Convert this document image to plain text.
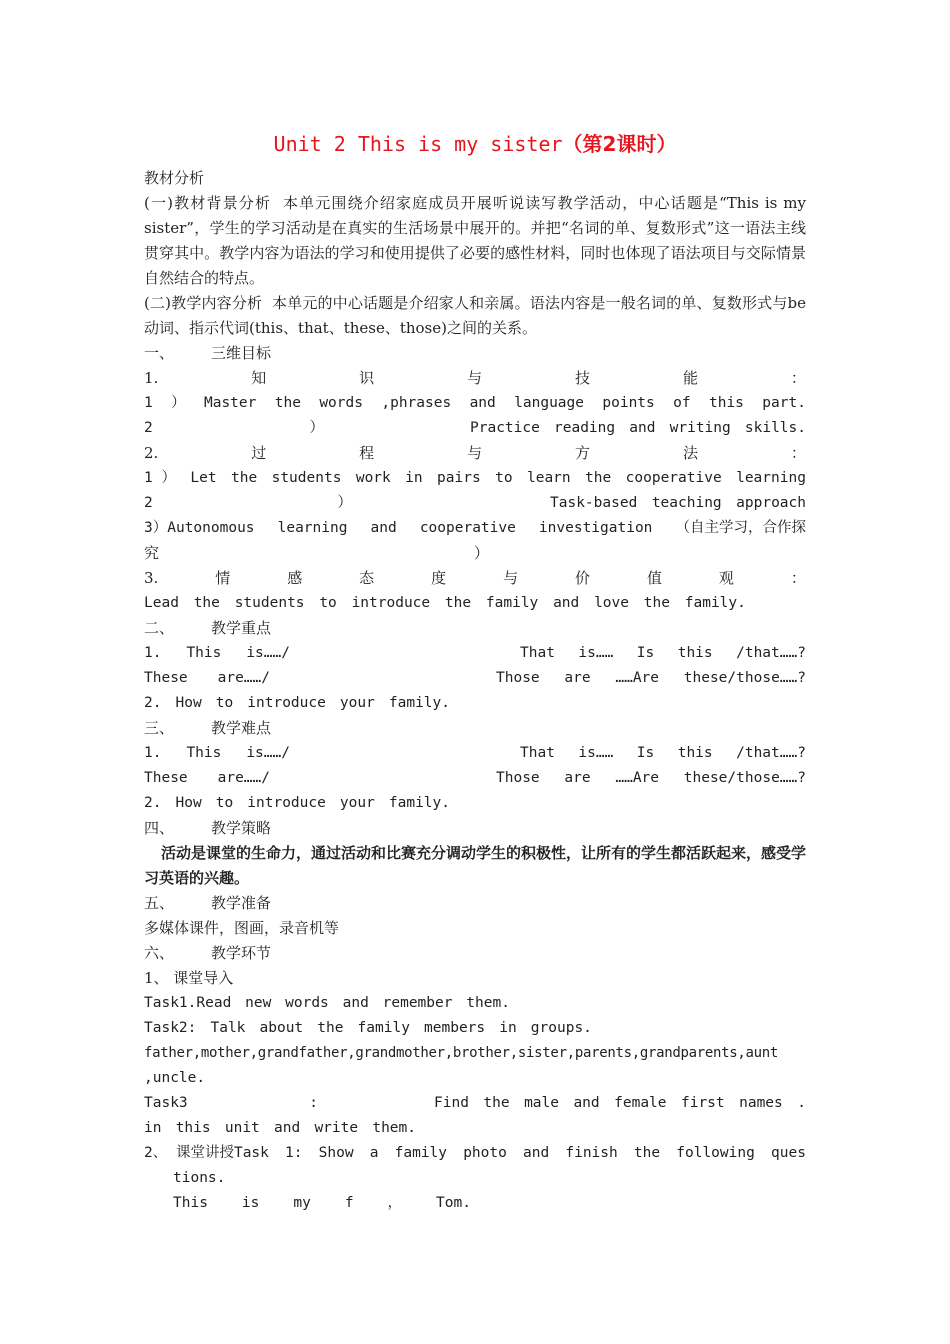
Unit 2 This is my sister（第2课时）
教材分析
(一)教材背景分析 本单元围绕介绍家庭成员开展听说读写教学活动，中心话题是“This is my sister”，学生的学习活动是在真实的生活场景中展开的。并把“名词的单、复数形式”这一语法主线贯穿其中。教学内容为语法的学习和使用提供了必要的感性材料，同时也体现了语法项目与交际情景自然结合的特点。
(二)教学内容分析 本单元的中心话题是介绍家人和亲属。语法内容是一般名词的单、复数形式与be动词、指示代词(this、that、these、those)之间的关系。
一、	三维目标
1.	知	识	与	技	能	：
1 ） Master the words ,phrases and language points of this part.
2	）	Practice reading and writing skills.
2.	过	程	与	方	法	：
1 ） Let the students work in pairs to learn the cooperative learning
2	）	Task-based teaching approach
3）Autonomous learning and cooperative investigation （自主学习，合作探
究	）
3.	情	感	态	度	与	价	值	观	：
Lead the students to introduce the family and love the family.
二、	教学重点
1. This is……/	That is…… Is this /that……?
These are……/	Those are ……Are these/those……?
2. How to introduce your family.
三、	教学难点
1. This is……/	That is…… Is this /that……?
These are……/	Those are ……Are these/those……?
2. How to introduce your family.
四、	教学策略
活动是课堂的生命力，通过活动和比赛充分调动学生的积极性，让所有的学生都活跃起来，感受学习英语的兴趣。
五、	教学准备
多媒体课件，图画，录音机等
六、	教学环节
1、 课堂导入
Task1.Read new words and remember them.
Task2: Talk about the family members in groups.
father,mother,grandfather,grandmother,brother,sister,parents,grandparents,aunt
,uncle.
Task3	:	Find the male and female first names .
in this unit and write them.
2、 课堂讲授Task 1: Show a family photo and finish the following ques
tions.
This is my f ， Tom.
